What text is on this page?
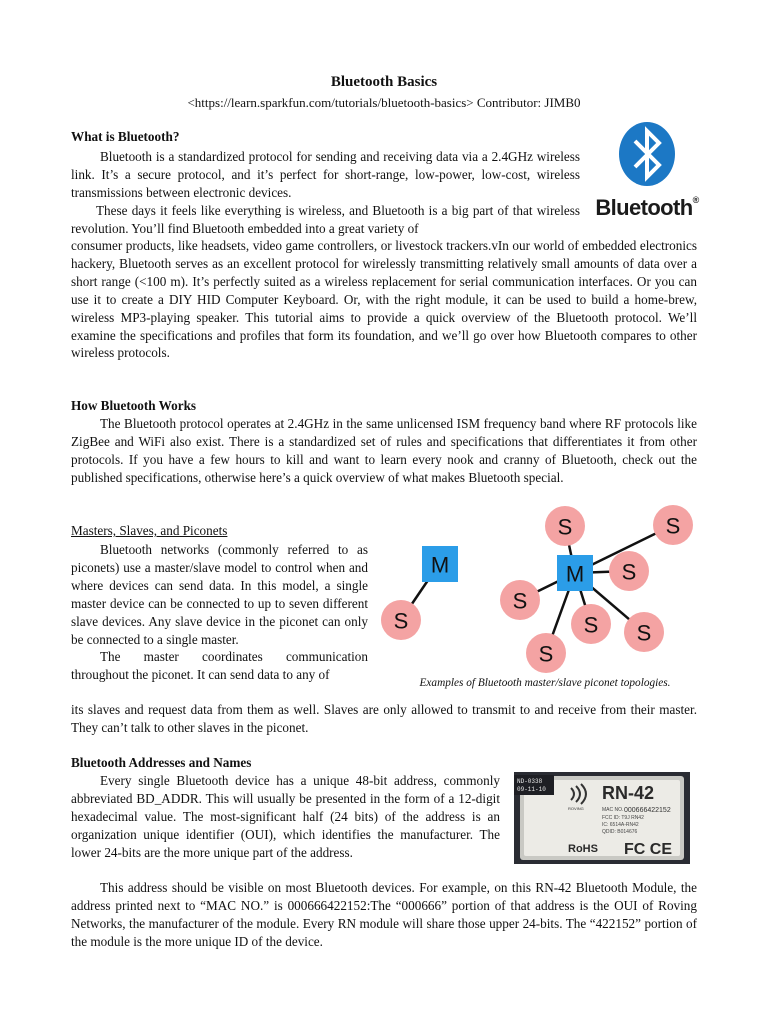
Bluetooth Basics
<https://learn.sparkfun.com/tutorials/bluetooth-basics> Contributor: JIMB0
What is Bluetooth?

Bluetooth is a standardized protocol for sending and receiving data via a 2.4GHz wireless link. It’s a secure protocol, and it’s perfect for short-range, low-power, low-cost, wireless transmissions between electronic devices.

These days it feels like everything is wireless, and Bluetooth is a big part of that wireless revolution. You’ll find Bluetooth embedded into a great variety of

consumer products, like headsets, video game controllers, or livestock trackers.vIn our world of embedded electronics hackery, Bluetooth serves as an excellent protocol for wirelessly transmitting relatively small amounts of data over a short range (<100 m). It’s perfectly suited as a wireless replacement for serial communication interfaces. Or you can use it to create a DIY HID Computer Keyboard. Or, with the right module, it can be used to build a home-brew, wireless MP3-playing speaker. This tutorial aims to provide a quick overview of the Bluetooth protocol. We’ll examine the specifications and profiles that form its foundation, and we’ll go over how Bluetooth compares to other wireless protocols.

Bluetooth®
How Bluetooth Works

The Bluetooth protocol operates at 2.4GHz in the same unlicensed ISM frequency band where RF protocols like ZigBee and WiFi also exist. There is a standardized set of rules and specifications that differentiates it from other protocols. If you have a few hours to kill and want to learn every nook and cranny of Bluetooth, check out the published specifications, otherwise here’s a quick overview of what makes Bluetooth special.

Masters, Slaves, and Piconets

Bluetooth networks (commonly referred to as piconets) use a master/slave model to control when and where devices can send data. In this model, a single master device can be connected to up to seven different slave devices. Any slave device in the piconet can only be connected to a single master.

The master coordinates communication throughout the piconet. It can send data to any of

its slaves and request data from them as well. Slaves are only allowed to transmit to and receive from their master. They can’t talk to other slaves in the piconet.

M
S
S	S
S
S
S S
S
M
Examples of Bluetooth master/slave piconet topologies.
Bluetooth Addresses and Names

Every single Bluetooth device has a unique 48-bit address, commonly abbreviated BD_ADDR. This will usually be presented in the form of a 12-digit hexadecimal value. The most-significant half (24 bits) of the address is an organization unique identifier (OUI), which identifies the manufacturer. The lower 24-bits are the more unique part of the address.

This address should be visible on most Bluetooth devices. For example, on this RN-42 Bluetooth Module, the address printed next to “MAC NO.” is 000666422152:The “000666” portion of that address is the OUI of Roving Networks, the manufacturer of the module. Every RN module will share those upper 24-bits. The “422152” portion of the module is the more unique ID of the device.

ND-0338
09-11-10
ROVING
RN-42
MAC NO. 000666422152
FCC ID: T9J RN42
IC: 6514A-RN42
QDID: B014676
RoHS FC CE
